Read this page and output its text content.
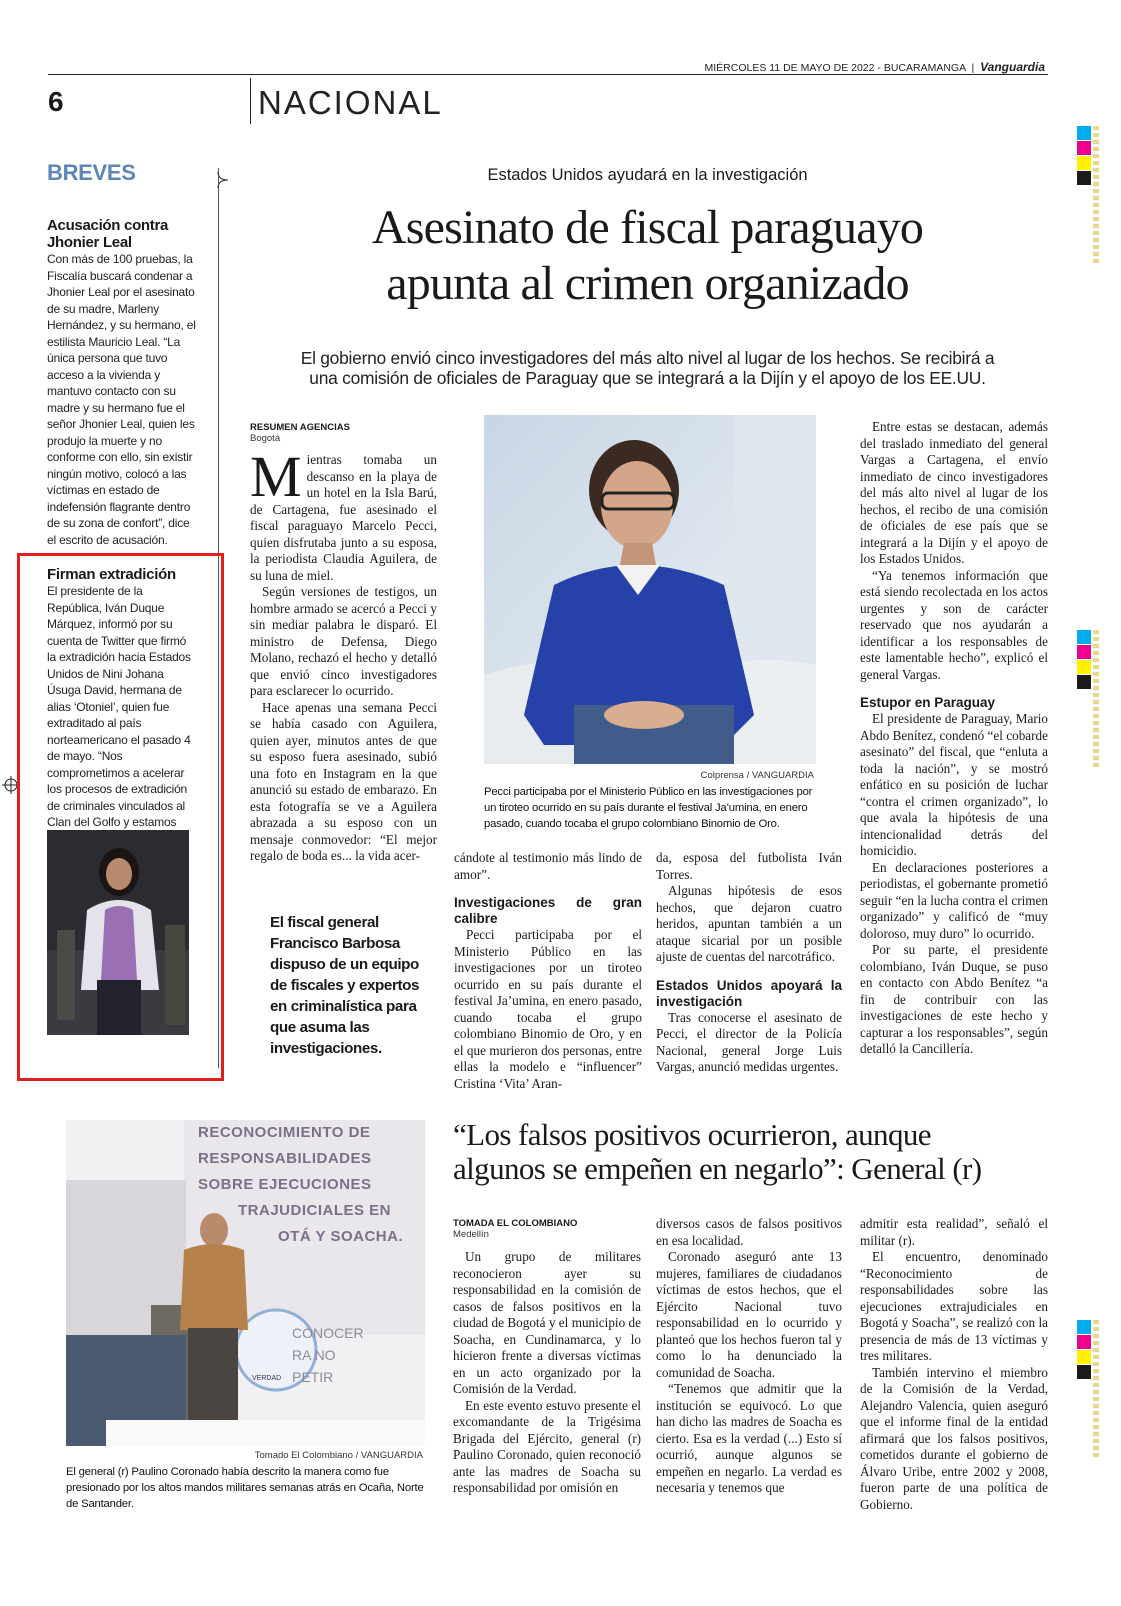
MIÉRCOLES 11 DE MAYO DE 2022 - BUCARAMANGA | Vanguardia
6	NACIONAL
BREVES
Acusación contra Jhonier Leal
Con más de 100 pruebas, la Fiscalía buscará condenar a Jhonier Leal por el asesinato de su madre, Marleny Hernández, y su hermano, el estilista Mauricio Leal. “La única persona que tuvo acceso a la vivienda y mantuvo contacto con su madre y su hermano fue el señor Jhonier Leal, quien les produjo la muerte y no conforme con ello, sin existir ningún motivo, colocó a las víctimas en estado de indefensión flagrante dentro de su zona de confort”, dice el escrito de acusación.
Firman extradición
El presidente de la República, Iván Duque Márquez, informó por su cuenta de Twitter que firmó la extradición hacia Estados Unidos de Nini Johana Úsuga David, hermana de alias ‘Otoniel’, quien fue extraditado al país norteamericano el pasado 4 de mayo. “Nos comprometimos a acelerar los procesos de extradición de criminales vinculados al Clan del Golfo y estamos
Estados Unidos ayudará en la investigación
Asesinato de fiscal paraguayo
apunta al crimen organizado
El gobierno envió cinco investigadores del más alto nivel al lugar de los hechos. Se recibirá a
una comisión de oficiales de Paraguay que se integrará a la Dijín y el apoyo de los EE.UU.
RESUMEN AGENCIAS
Bogotá

Mientras tomaba un descanso en la playa de un hotel en la Isla Barú, de Cartagena, fue asesinado el fiscal paraguayo Marcelo Pecci, quien disfrutaba junto a su esposa, la periodista Claudia Aguilera, de su luna de miel.

Según versiones de testigos, un hombre armado se acercó a Pecci y sin mediar palabra le disparó. El ministro de Defensa, Diego Molano, rechazó el hecho y detalló que envió cinco investigadores para esclarecer lo ocurrido.

Hace apenas una semana Pecci se había casado con Aguilera, quien ayer, minutos antes de que su esposo fuera asesinado, subió una foto en Instagram en la que anunció su estado de embarazo. En esta fotografía se ve a Aguilera abrazada a su esposo con un mensaje conmovedor: “El mejor regalo de boda es... la vida acer-

Colprensa / VANGUARDIA
Pecci participaba por el Ministerio Público en las investigaciones por un tiroteo ocurrido en su país durante el festival Ja’umina, en enero pasado, cuando tocaba el grupo colombiano Binomio de Oro.
El fiscal general Francisco Barbosa dispuso de un equipo de fiscales y expertos en criminalística para que asuma las investigaciones.

cándote al testimonio más lindo de amor”.

Investigaciones de gran calibre

Pecci participaba por el Ministerio Público en las investigaciones por un tiroteo ocurrido en su país durante el festival Ja’umina, en enero pasado, cuando tocaba el grupo colombiano Binomio de Oro, y en el que murieron dos personas, entre ellas la modelo e “influencer” Cristina ‘Vita’ Aran-

da, esposa del futbolista Iván Torres.

Algunas hipótesis de esos hechos, que dejaron cuatro heridos, apuntan también a un ataque sicarial por un posible ajuste de cuentas del narcotráfico.

Estados Unidos apoyará la investigación

Tras conocerse el asesinato de Pecci, el director de la Policía Nacional, general Jorge Luis Vargas, anunció medidas urgentes.

Entre estas se destacan, además del traslado inmediato del general Vargas a Cartagena, el envío inmediato de cinco investigadores del más alto nivel al lugar de los hechos, el recibo de una comisión de oficiales de ese país que se integrará a la Dijín y el apoyo de los Estados Unidos.

“Ya tenemos información que está siendo recolectada en los actos urgentes y son de carácter reservado que nos ayudarán a identificar a los responsables de este lamentable hecho”, explicó el general Vargas.

Estupor en Paraguay

El presidente de Paraguay, Mario Abdo Benítez, condenó “el cobarde asesinato” del fiscal, que “enluta a toda la nación”, y se mostró enfático en su posición de luchar “contra el crimen organizado”, lo que avala la hipótesis de una intencionalidad detrás del homicidio.

En declaraciones posteriores a periodistas, el gobernante prometió seguir “en la lucha contra el crimen organizado” y calificó de “muy doloroso, muy duro” lo ocurrido.

Por su parte, el presidente colombiano, Iván Duque, se puso en contacto con Abdo Benítez “a fin de contribuir con las investigaciones de este hecho y capturar a los responsables”, según detalló la Cancillería.

RECONOCIMIENTO DE
RESPONSABILIDADES
SOBRE EJECUCIONES
TRAJUDICIALES EN
OTÁ Y SOACHA.
VERDAD
CONOCER
RA NO
PETIR
Tomado El Colombiano / VANGUARDIA
El general (r) Paulino Coronado había descrito la manera como fue presionado por los altos mandos militares semanas atrás en Ocaña, Norte de Santander.
“Los falsos positivos ocurrieron, aunque
algunos se empeñen en negarlo”: General (r)
TOMADA EL COLOMBIANO
Medellín

Un grupo de militares reconocieron ayer su responsabilidad en la comisión de casos de falsos positivos en la ciudad de Bogotá y el municipio de Soacha, en Cundinamarca, y lo hicieron frente a diversas víctimas en un acto organizado por la Comisión de la Verdad.

En este evento estuvo presente el excomandante de la Trigésima Brigada del Ejército, general (r) Paulino Coronado, quien reconoció ante las madres de Soacha su responsabilidad por omisión en

diversos casos de falsos positivos en esa localidad.

Coronado aseguró ante 13 mujeres, familiares de ciudadanos víctimas de estos hechos, que el Ejército Nacional tuvo responsabilidad en lo ocurrido y planteó que los hechos fueron tal y como lo ha denunciado la comunidad de Soacha.

“Tenemos que admitir que la institución se equivocó. Lo que han dicho las madres de Soacha es cierto. Esa es la verdad (...) Esto sí ocurrió, aunque algunos se empeñen en negarlo. La verdad es necesaria y tenemos que

admitir esta realidad”, señaló el militar (r).

El encuentro, denominado “Reconocimiento de responsabilidades sobre las ejecuciones extrajudiciales en Bogotá y Soacha”, se realizó con la presencia de más de 13 víctimas y tres militares.

También intervino el miembro de la Comisión de la Verdad, Alejandro Valencia, quien aseguró que el informe final de la entidad afirmará que los falsos positivos, cometidos durante el gobierno de Álvaro Uribe, entre 2002 y 2008, fueron parte de una política de Gobierno.
